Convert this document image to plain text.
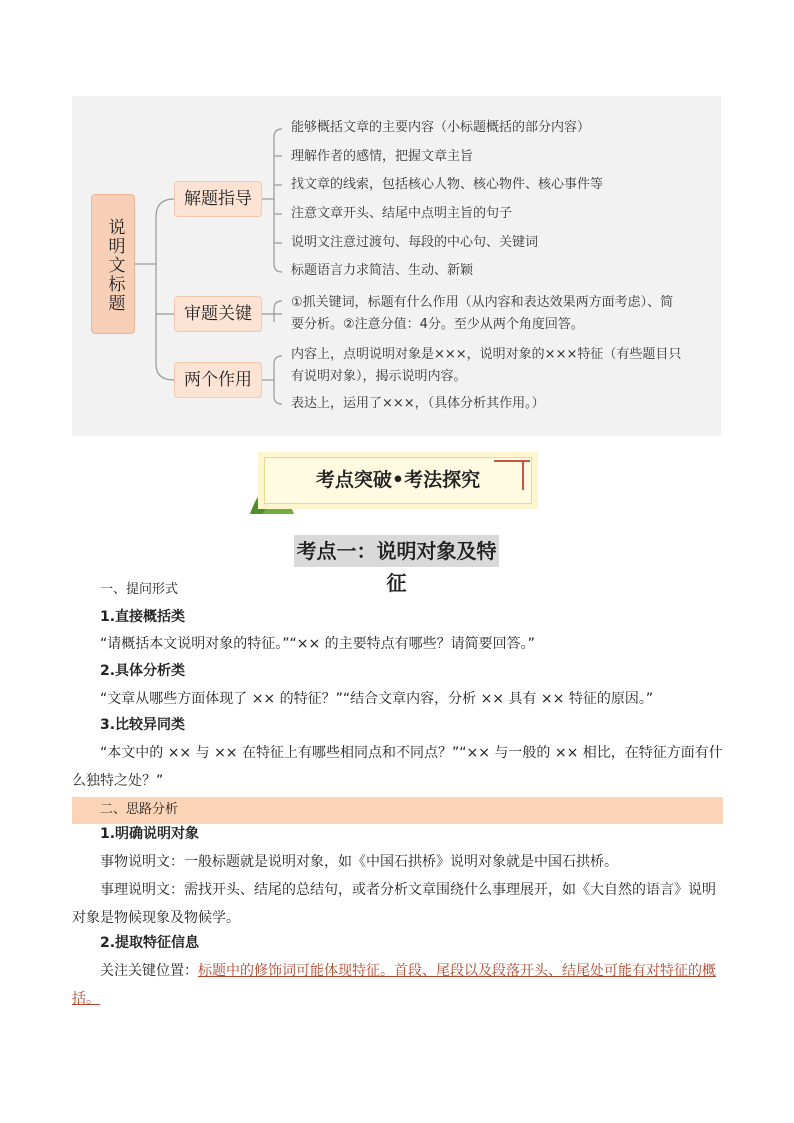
说明文标题
解题指导
审题关键
两个作用
能够概括文章的主要内容（小标题概括的部分内容）
理解作者的感情，把握文章主旨
找文章的线索，包括核心人物、核心物件、核心事件等
注意文章开头、结尾中点明主旨的句子
说明文注意过渡句、每段的中心句、关键词
标题语言力求简洁、生动、新颖
①抓关键词，标题有什么作用（从内容和表达效果两方面考虑）、简要分析。②注意分值：4分。至少从两个角度回答。
内容上，点明说明对象是×××，说明对象的×××特征（有些题目只有说明对象），揭示说明内容。
表达上，运用了×××，（具体分析其作用。）
考点突破•考法探究
考点一：说明对象及特征
一、提问形式
1.直接概括类
“请概括本文说明对象的特征。”“×× 的主要特点有哪些？请简要回答。”
2.具体分析类
“文章从哪些方面体现了 ×× 的特征？”“结合文章内容，分析 ×× 具有 ×× 特征的原因。”
3.比较异同类
“本文中的 ×× 与 ×× 在特征上有哪些相同点和不同点？”“×× 与一般的 ×× 相比，在特征方面有什么独特之处？”
二、思路分析
1.明确说明对象
事物说明文：一般标题就是说明对象，如《中国石拱桥》说明对象就是中国石拱桥。
事理说明文：需找开头、结尾的总结句，或者分析文章围绕什么事理展开，如《大自然的语言》说明对象是物候现象及物候学。
2.提取特征信息
关注关键位置：标题中的修饰词可能体现特征。首段、尾段以及段落开头、结尾处可能有对特征的概括。
